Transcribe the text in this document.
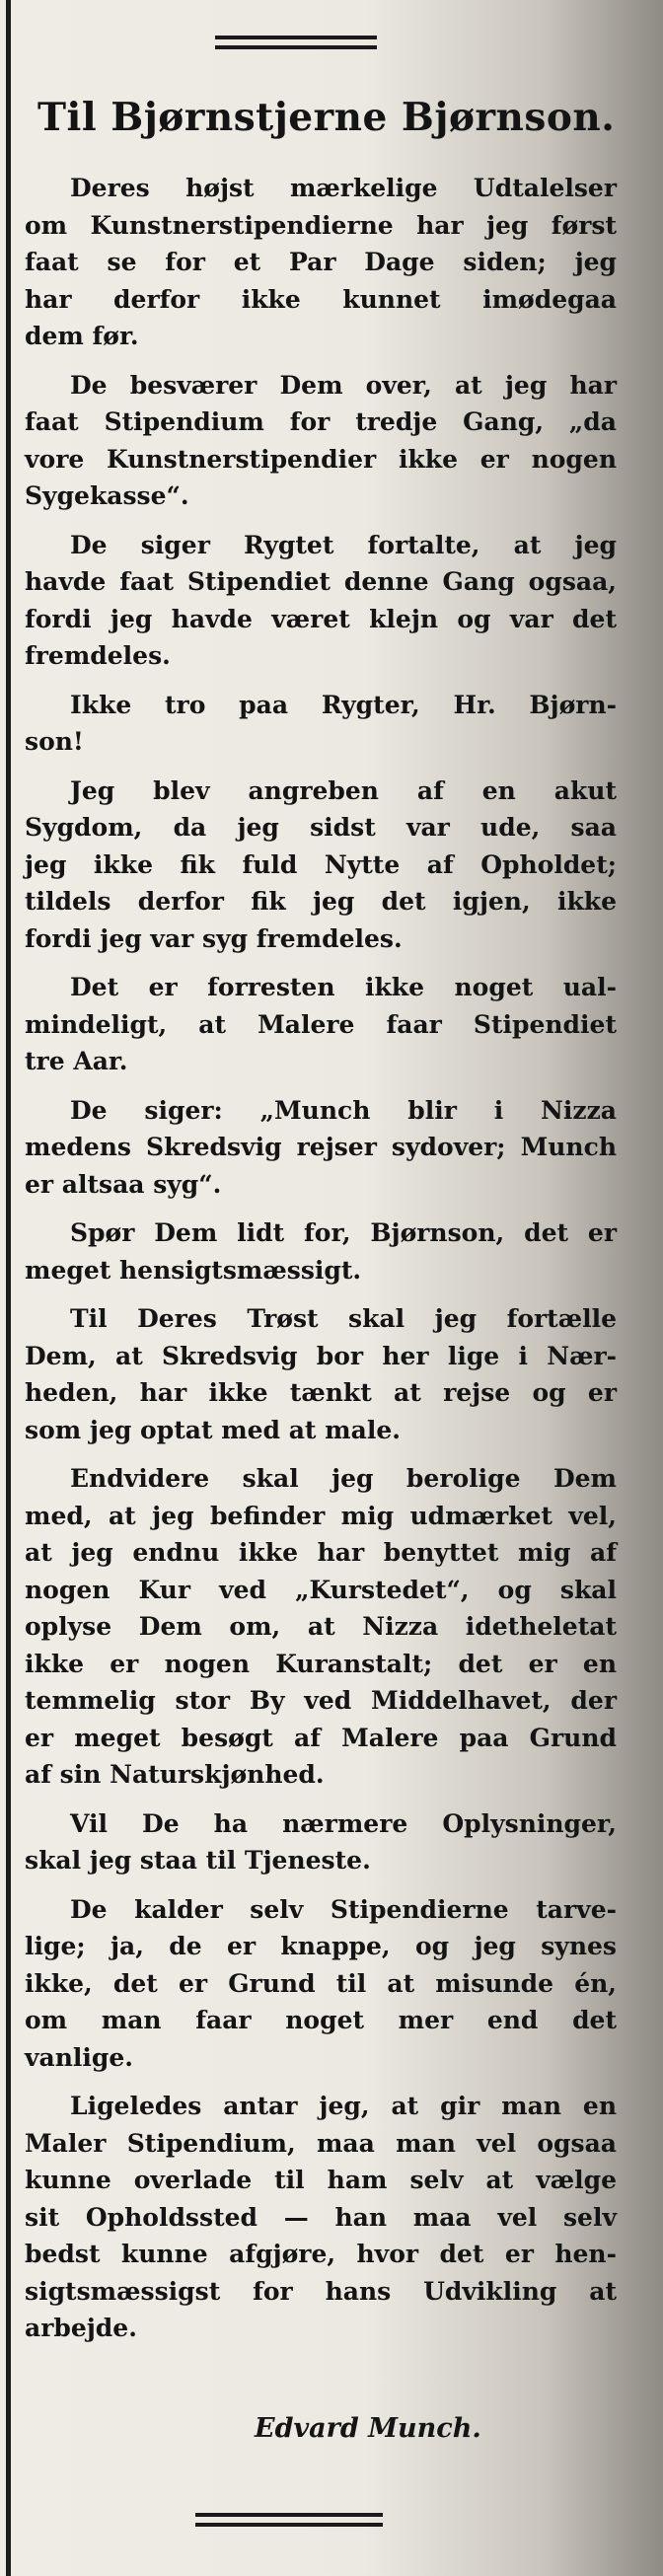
Til Bjørnstjerne Bjørnson.

Deres højst mærkelige Udtalelser
om Kunstnerstipendierne har jeg først
faat se for et Par Dage siden; jeg
har derfor ikke kunnet imødegaa
dem før.

De besværer Dem over, at jeg har
faat Stipendium for tredje Gang, „da
vore Kunstnerstipendier ikke er nogen
Sygekasse“.

De siger Rygtet fortalte, at jeg
havde faat Stipendiet denne Gang ogsaa,
fordi jeg havde været klejn og var det
fremdeles.

Ikke tro paa Rygter, Hr. Bjørn-
son!

Jeg blev angreben af en akut
Sygdom, da jeg sidst var ude, saa
jeg ikke fik fuld Nytte af Opholdet;
tildels derfor fik jeg det igjen, ikke
fordi jeg var syg fremdeles.

Det er forresten ikke noget ual-
mindeligt, at Malere faar Stipendiet
tre Aar.

De siger: „Munch blir i Nizza
medens Skredsvig rejser sydover; Munch
er altsaa syg“.

Spør Dem lidt for, Bjørnson, det er
meget hensigtsmæssigt.

Til Deres Trøst skal jeg fortælle
Dem, at Skredsvig bor her lige i Nær-
heden, har ikke tænkt at rejse og er
som jeg optat med at male.

Endvidere skal jeg berolige Dem
med, at jeg befinder mig udmærket vel,
at jeg endnu ikke har benyttet mig af
nogen Kur ved „Kurstedet“, og skal
oplyse Dem om, at Nizza idetheletat
ikke er nogen Kuranstalt; det er en
temmelig stor By ved Middelhavet, der
er meget besøgt af Malere paa Grund
af sin Naturskjønhed.

Vil De ha nærmere Oplysninger,
skal jeg staa til Tjeneste.

De kalder selv Stipendierne tarve-
lige; ja, de er knappe, og jeg synes
ikke, det er Grund til at misunde én,
om man faar noget mer end det
vanlige.

Ligeledes antar jeg, at gir man en
Maler Stipendium, maa man vel ogsaa
kunne overlade til ham selv at vælge
sit Opholdssted — han maa vel selv
bedst kunne afgjøre, hvor det er hen-
sigtsmæssigst for hans Udvikling at
arbejde.

Edvard Munch.
